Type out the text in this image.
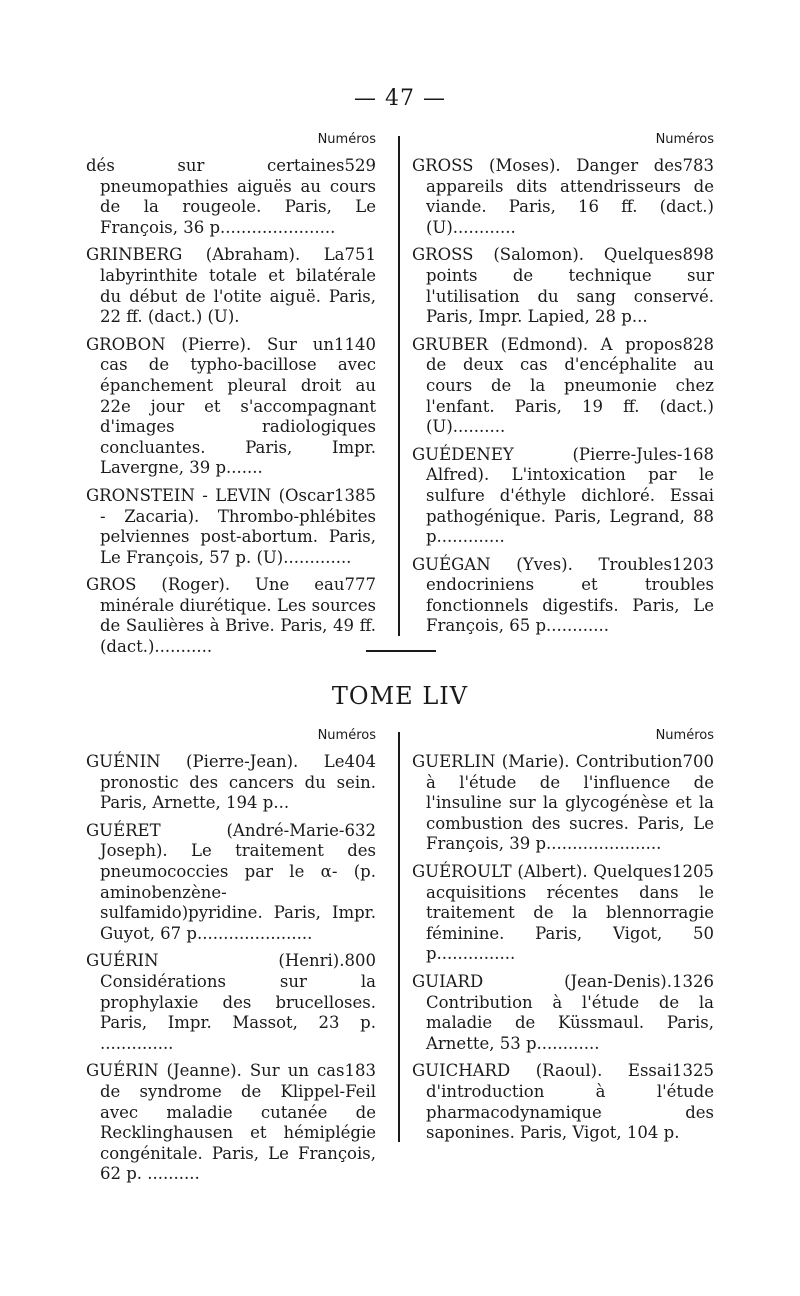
— 47 —
Numéros
529
dés sur certaines pneumopathies aiguës au cours de la rougeole. Paris, Le François, 36 p......................
751
GRINBERG (Abraham). La labyrinthite totale et bilatérale du début de l'otite aiguë. Paris, 22 ff. (dact.) (U).
1140
GROBON (Pierre). Sur un cas de typho-bacillose avec épanchement pleural droit au 22e jour et s'accompagnant d'images radiologiques concluantes. Paris, Impr. Lavergne, 39 p.......
1385
GRONSTEIN - LEVIN (Oscar - Zacaria). Thrombo-phlébites pelviennes post-abortum. Paris, Le François, 57 p. (U).............
777
GROS (Roger). Une eau minérale diurétique. Les sources de Saulières à Brive. Paris, 49 ff. (dact.)...........
Numéros
783
GROSS (Moses). Danger des appareils dits attendrisseurs de viande. Paris, 16 ff. (dact.) (U)............
898
GROSS (Salomon). Quelques points de technique sur l'utilisation du sang conservé. Paris, Impr. Lapied, 28 p...
828
GRUBER (Edmond). A propos de deux cas d'encéphalite au cours de la pneumonie chez l'enfant. Paris, 19 ff. (dact.) (U)..........
168
GUÉDENEY (Pierre-Jules-Alfred). L'intoxication par le sulfure d'éthyle dichloré. Essai pathogénique. Paris, Legrand, 88 p.............
1203
GUÉGAN (Yves). Troubles endocriniens et troubles fonctionnels digestifs. Paris, Le François, 65 p............
TOME LIV
Numéros
404
GUÉNIN (Pierre-Jean). Le pronostic des cancers du sein. Paris, Arnette, 194 p...
632
GUÉRET (André-Marie-Joseph). Le traitement des pneumococcies par le α- (p. aminobenzène-sulfamido)pyridine. Paris, Impr. Guyot, 67 p......................
800
GUÉRIN (Henri). Considérations sur la prophylaxie des brucelloses. Paris, Impr. Massot, 23 p. ..............
183
GUÉRIN (Jeanne). Sur un cas de syndrome de Klippel-Feil avec maladie cutanée de Recklinghausen et hémiplégie congénitale. Paris, Le François, 62 p. ..........
Numéros
700
GUERLIN (Marie). Contribution à l'étude de l'influence de l'insuline sur la glycogénèse et la combustion des sucres. Paris, Le François, 39 p......................
1205
GUÉROULT (Albert). Quelques acquisitions récentes dans le traitement de la blennorragie féminine. Paris, Vigot, 50 p...............
1326
GUIARD (Jean-Denis). Contribution à l'étude de la maladie de Küssmaul. Paris, Arnette, 53 p............
1325
GUICHARD (Raoul). Essai d'introduction à l'étude pharmacodynamique des saponines. Paris, Vigot, 104 p.
